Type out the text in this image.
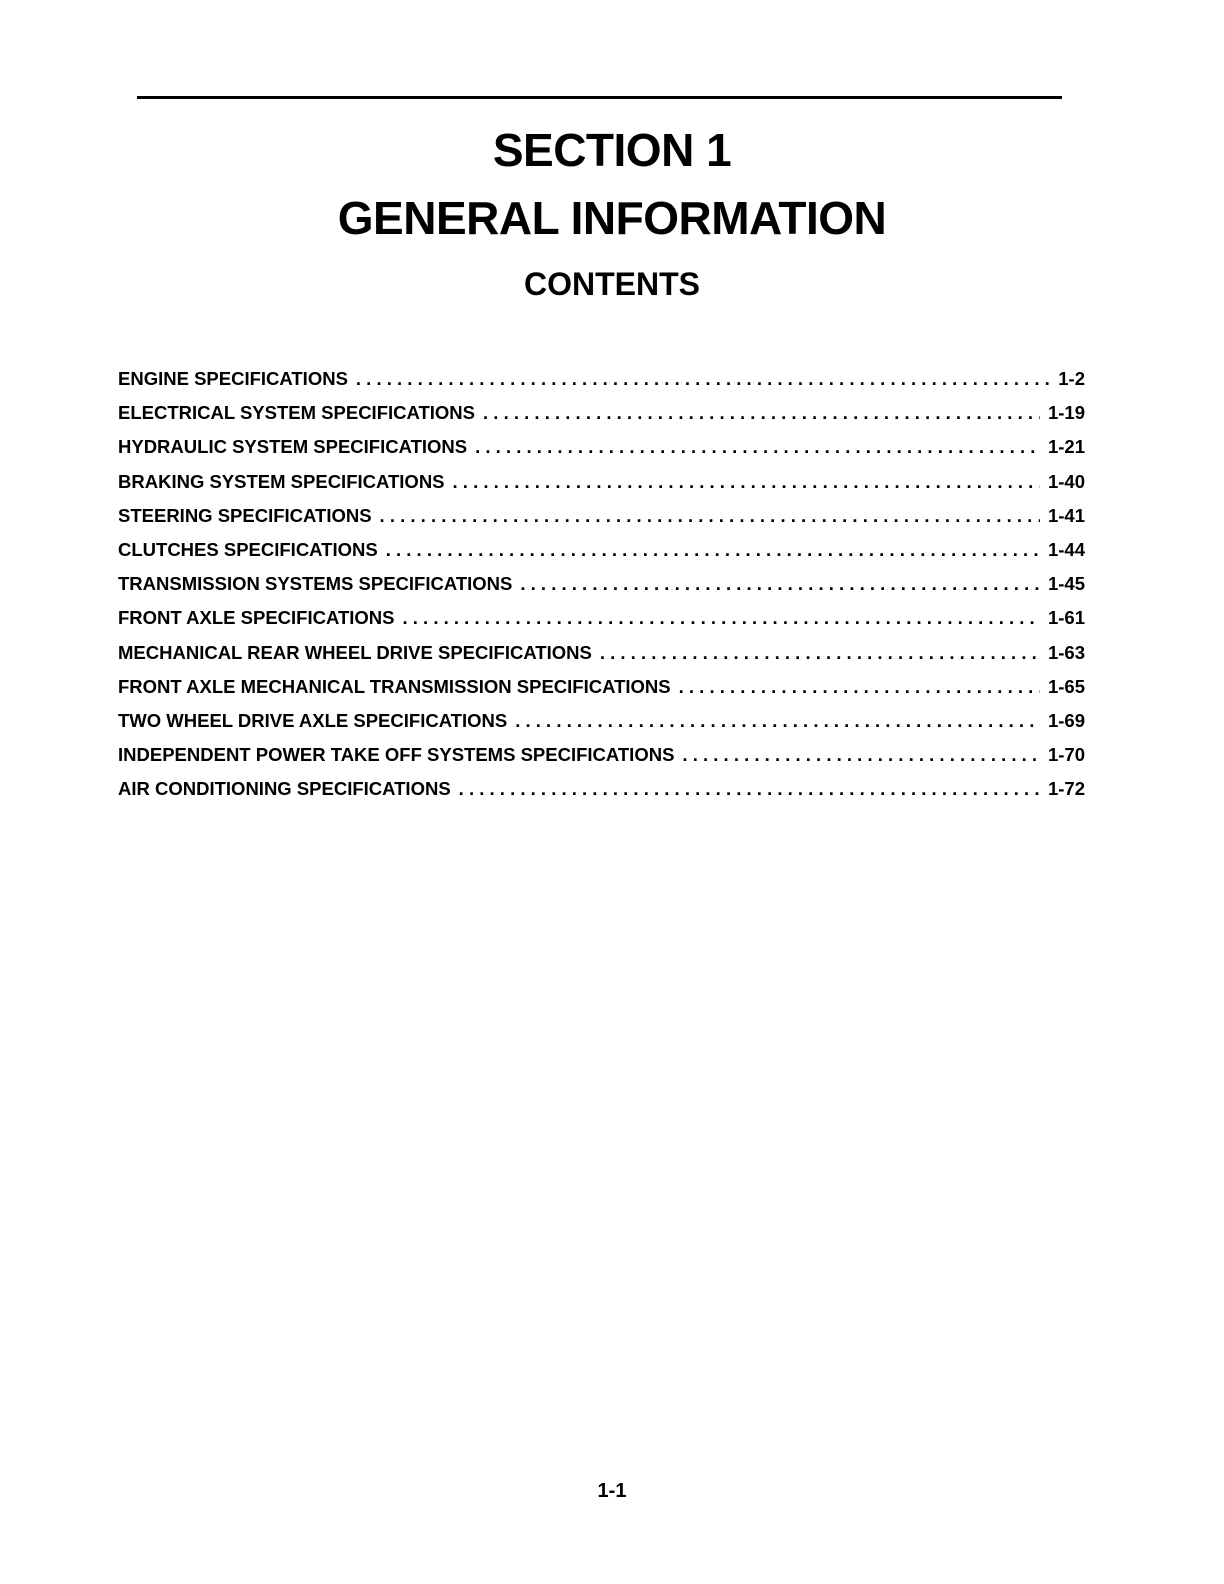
SECTION 1
GENERAL INFORMATION
CONTENTS
ENGINE SPECIFICATIONS . . .	1-2
ELECTRICAL SYSTEM SPECIFICATIONS . . .	1-19
HYDRAULIC SYSTEM SPECIFICATIONS . . .	1-21
BRAKING SYSTEM SPECIFICATIONS . . .	1-40
STEERING SPECIFICATIONS . . .	1-41
CLUTCHES SPECIFICATIONS . . .	1-44
TRANSMISSION SYSTEMS SPECIFICATIONS . . .	1-45
FRONT AXLE SPECIFICATIONS . . .	1-61
MECHANICAL REAR WHEEL DRIVE SPECIFICATIONS . . .	1-63
FRONT AXLE MECHANICAL TRANSMISSION SPECIFICATIONS . . .	1-65
TWO WHEEL DRIVE AXLE SPECIFICATIONS . . .	1-69
INDEPENDENT POWER TAKE OFF SYSTEMS SPECIFICATIONS . . .	1-70
AIR CONDITIONING SPECIFICATIONS . . .	1-72
1-1
